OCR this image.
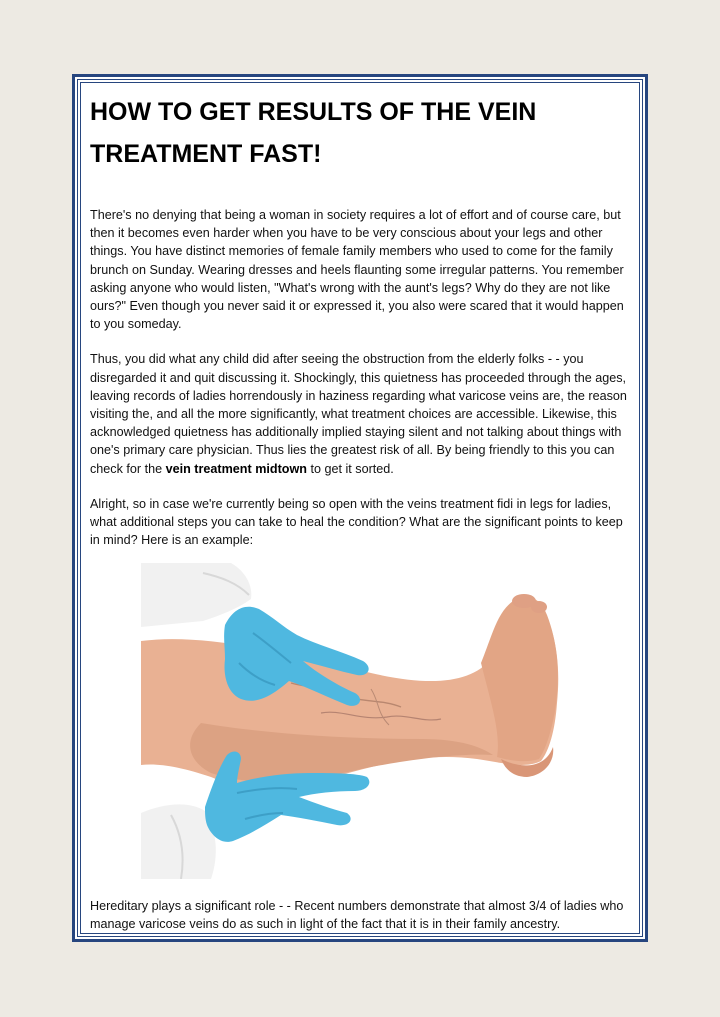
HOW TO GET RESULTS OF THE VEIN TREATMENT FAST!

There's no denying that being a woman in society requires a lot of effort and of course care, but then it becomes even harder when you have to be very conscious about your legs and other things. You have distinct memories of female family members who used to come for the family brunch on Sunday. Wearing dresses and heels flaunting some irregular patterns. You remember asking anyone who would listen, "What's wrong with the aunt's legs? Why do they are not like ours?" Even though you never said it or expressed it, you also were scared that it would happen to you someday.

Thus, you did what any child did after seeing the obstruction from the elderly folks - - you disregarded it and quit discussing it. Shockingly, this quietness has proceeded through the ages, leaving records of ladies horrendously in haziness regarding what varicose veins are, the reason visiting the, and all the more significantly, what treatment choices are accessible. Likewise, this acknowledged quietness has additionally implied staying silent and not talking about things with one's primary care physician. Thus lies the greatest risk of all. By being friendly to this you can check for the vein treatment midtown to get it sorted.

Alright, so in case we're currently being so open with the veins treatment fidi in legs for ladies, what additional steps you can take to heal the condition? What are the significant points to keep in mind? Here is an example:

Hereditary plays a significant role - - Recent numbers demonstrate that almost 3/4 of ladies who manage varicose veins do as such in light of the fact that it is in their family ancestry.
